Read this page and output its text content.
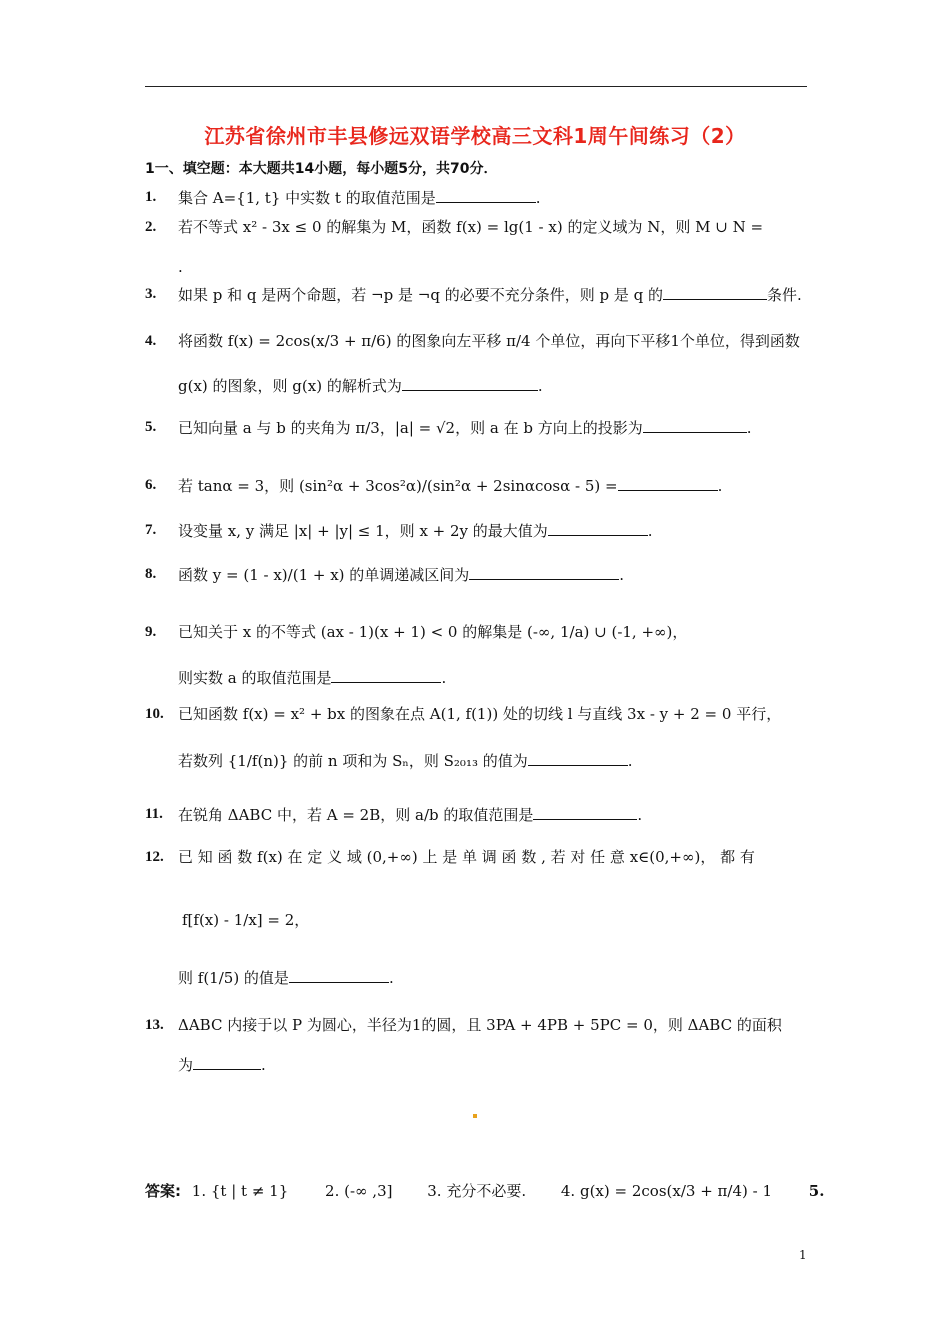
江苏省徐州市丰县修远双语学校高三文科1周午间练习（2）
1一、填空题：本大题共14小题，每小题5分，共70分．
1. 集合 A={1, t} 中实数 t 的取值范围是	.
2. 若不等式 x² - 3x ≤ 0 的解集为 M，函数 f(x) = lg(1 - x) 的定义域为 N，则 M ∪ N =
.
3. 如果 p 和 q 是两个命题，若 ¬p 是 ¬q 的必要不充分条件，则 p 是 q 的	条件.
4. 将函数 f(x) = 2cos(x/3 + π/6) 的图象向左平移 π/4 个单位，再向下平移1个单位，得到函数
g(x) 的图象，则 g(x) 的解析式为	.
5. 已知向量 a 与 b 的夹角为 π/3，|a| = √2，则 a 在 b 方向上的投影为	.
6. 若 tanα = 3，则 (sin²α + 3cos²α)/(sin²α + 2sinαcosα - 5) =	.
7. 设变量 x, y 满足 |x| + |y| ≤ 1，则 x + 2y 的最大值为	.
8. 函数 y = (1 - x)/(1 + x) 的单调递减区间为	.
9. 已知关于 x 的不等式 (ax - 1)(x + 1) < 0 的解集是 (-∞, 1/a) ∪ (-1, +∞)，
则实数 a 的取值范围是	.
10. 已知函数 f(x) = x² + bx 的图象在点 A(1, f(1)) 处的切线 l 与直线 3x - y + 2 = 0 平行，
若数列 {1/f(n)} 的前 n 项和为 Sₙ，则 S₂₀₁₃ 的值为	.
11. 在锐角 ΔABC 中，若 A = 2B，则 a/b 的取值范围是	.
12. 已 知 函 数 f(x) 在 定 义 域 (0,+∞) 上 是 单 调 函 数 , 若 对 任 意 x∈(0,+∞)， 都 有
f[f(x) - 1/x] = 2，
则 f(1/5) 的值是	.
13. ΔABC 内接于以 P 为圆心，半径为1的圆，且 3PA + 4PB + 5PC = 0，则 ΔABC 的面积
为	.
答案: 1. {t | t ≠ 1} 2. (-∞ ,3] 3. 充分不必要. 4. g(x) = 2cos(x/3 + π/4) - 1 5.
1
